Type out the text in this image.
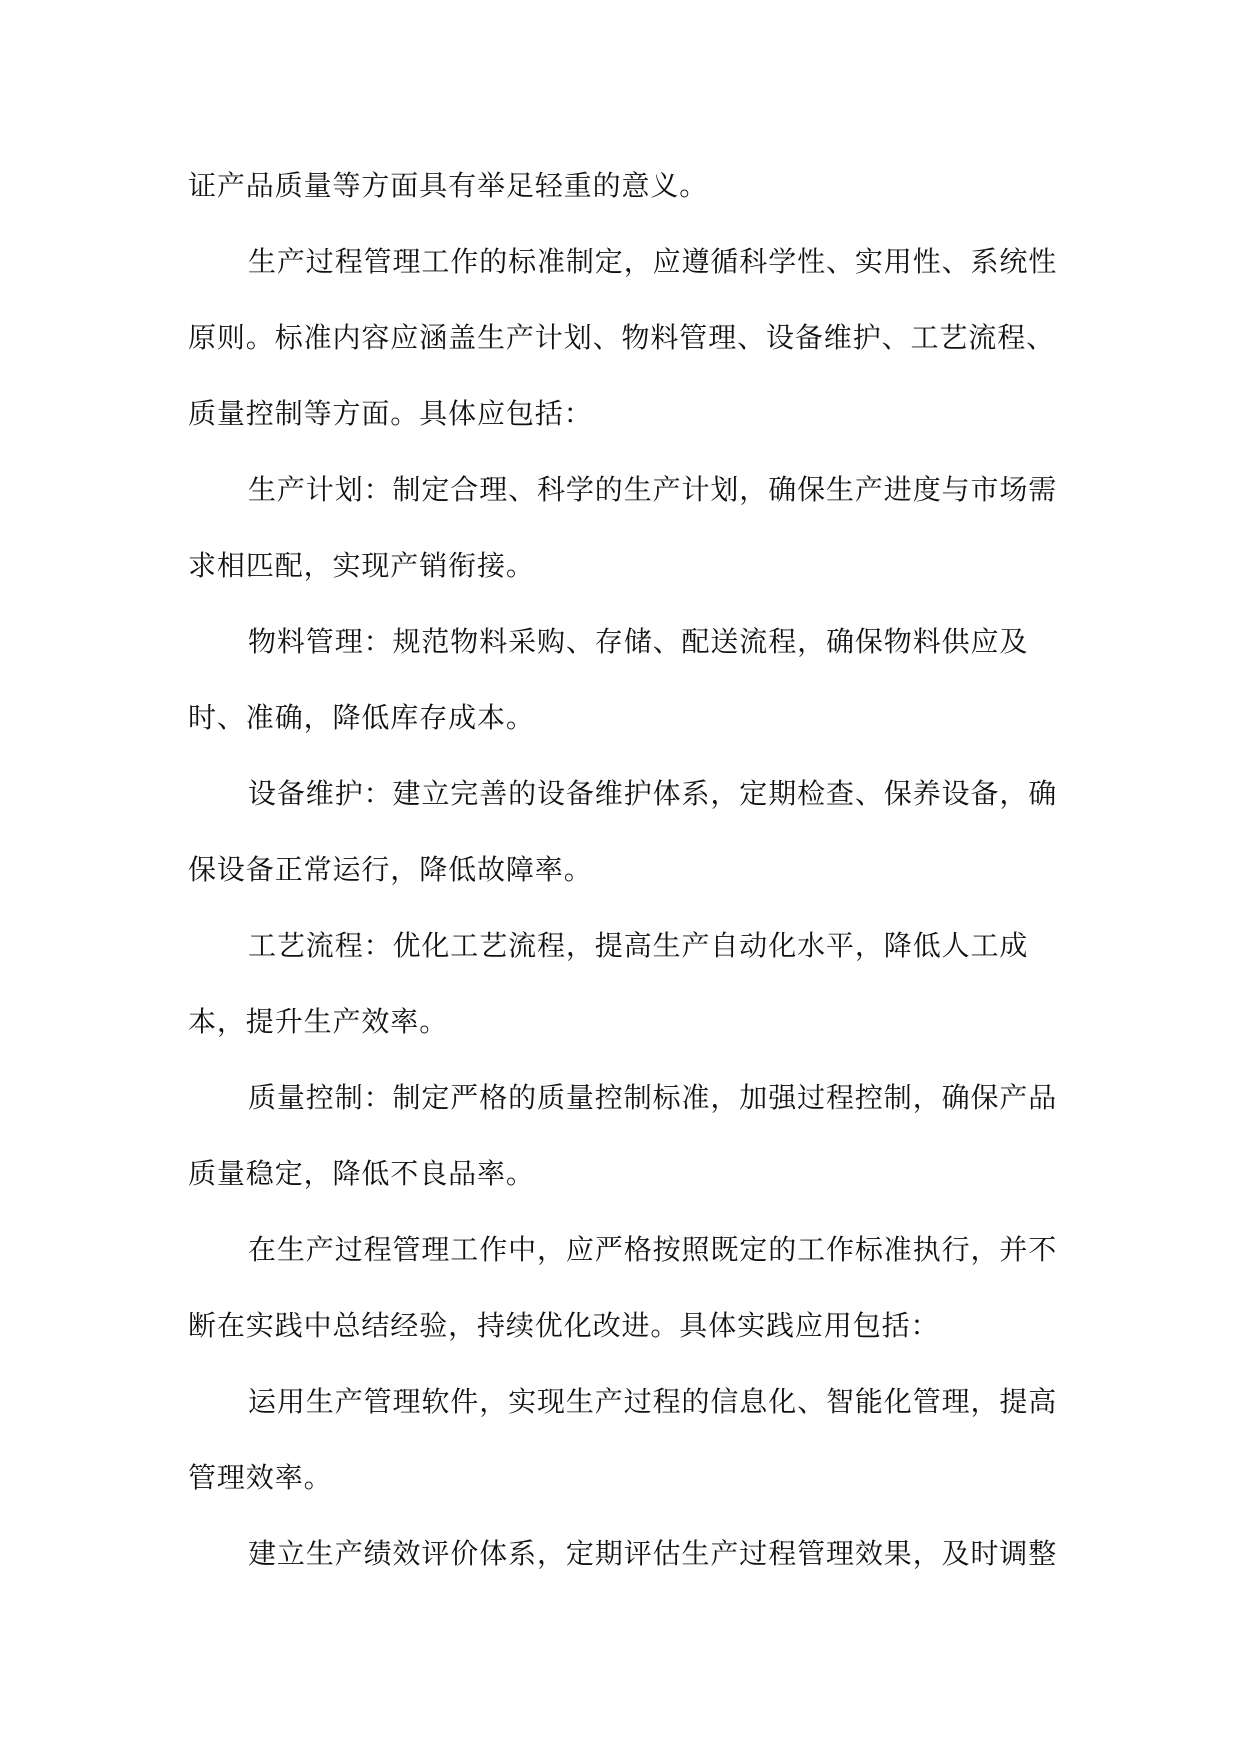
证产品质量等方面具有举足轻重的意义。

生产过程管理工作的标准制定，应遵循科学性、实用性、系统性原则。标准内容应涵盖生产计划、物料管理、设备维护、工艺流程、质量控制等方面。具体应包括：

生产计划：制定合理、科学的生产计划，确保生产进度与市场需求相匹配，实现产销衔接。

物料管理：规范物料采购、存储、配送流程，确保物料供应及时、准确，降低库存成本。

设备维护：建立完善的设备维护体系，定期检查、保养设备，确保设备正常运行，降低故障率。

工艺流程：优化工艺流程，提高生产自动化水平，降低人工成本，提升生产效率。

质量控制：制定严格的质量控制标准，加强过程控制，确保产品质量稳定，降低不良品率。

在生产过程管理工作中，应严格按照既定的工作标准执行，并不断在实践中总结经验，持续优化改进。具体实践应用包括：

运用生产管理软件，实现生产过程的信息化、智能化管理，提高管理效率。

建立生产绩效评价体系，定期评估生产过程管理效果，及时调整
